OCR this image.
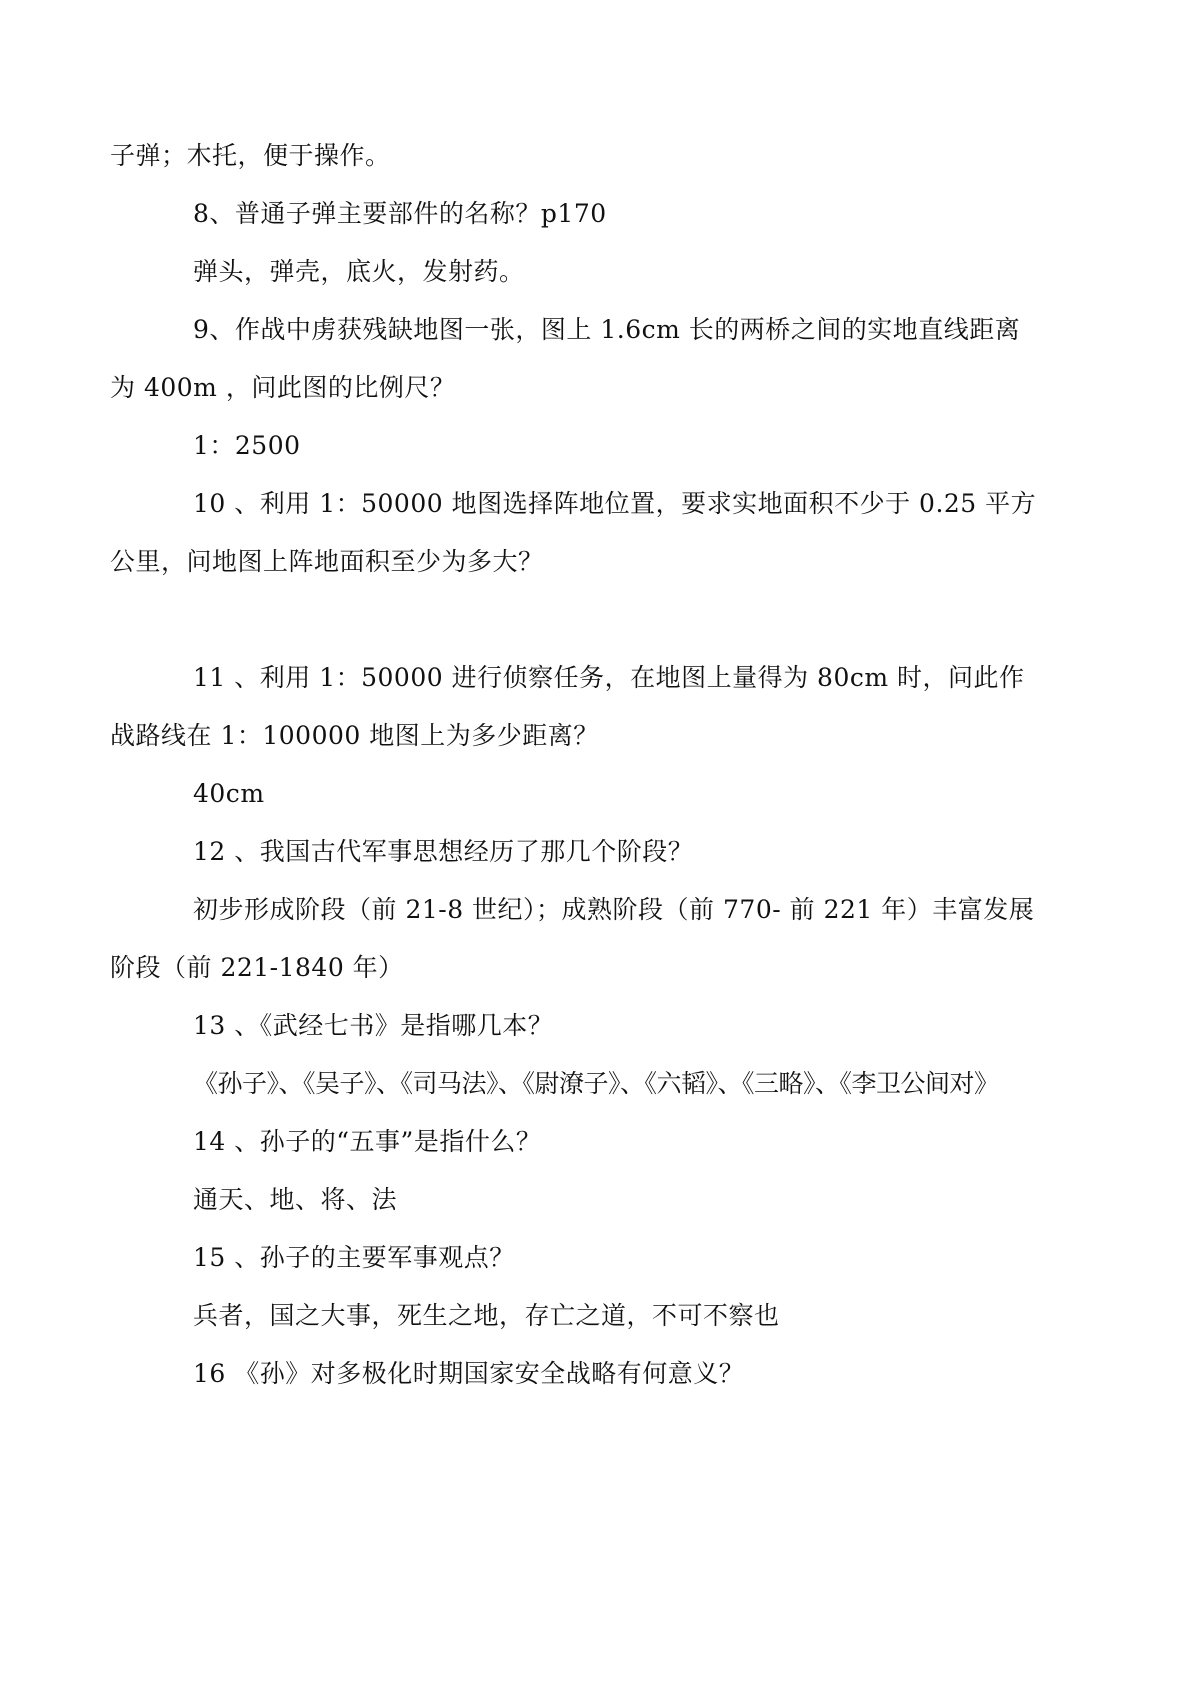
子弹；木托，便于操作。
8、普通子弹主要部件的名称？p170
弹头，弹壳，底火，发射药。
9、作战中虏获残缺地图一张，图上 1.6cm 长的两桥之间的实地直线距离
为 400m ，问此图的比例尺？
1：2500
10 、利用 1：50000 地图选择阵地位置，要求实地面积不少于 0.25 平方
公里，问地图上阵地面积至少为多大？
11 、利用 1：50000 进行侦察任务，在地图上量得为 80cm 时，问此作
战路线在 1：100000 地图上为多少距离？
40cm
12 、我国古代军事思想经历了那几个阶段？
初步形成阶段（前 21-8 世纪）；成熟阶段（前 770- 前 221 年）丰富发展
阶段（前 221-1840 年）
13 、《武经七书》是指哪几本？
《孙子》、《吴子》、《司马法》、《尉潦子》、《六韬》、《三略》、《李卫公间对》
14 、孙子的“五事”是指什么？
通天、地、将、法
15 、孙子的主要军事观点？
兵者，国之大事，死生之地，存亡之道，不可不察也
16 《孙》对多极化时期国家安全战略有何意义？
